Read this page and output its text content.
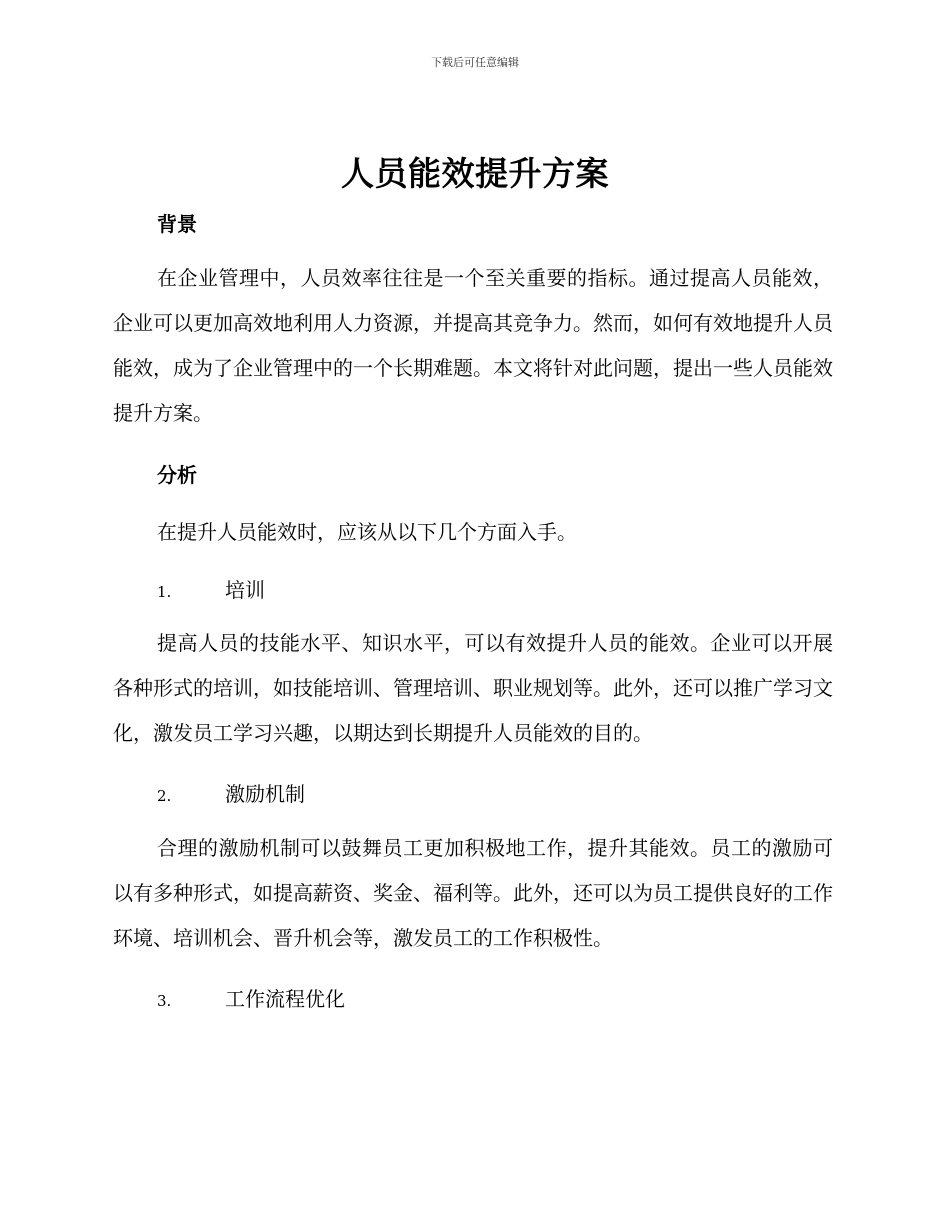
下载后可任意编辑
人员能效提升方案
背景

在企业管理中，人员效率往往是一个至关重要的指标。通过提高人员能效，企业可以更加高效地利用人力资源，并提高其竞争力。然而，如何有效地提升人员能效，成为了企业管理中的一个长期难题。本文将针对此问题，提出一些人员能效提升方案。

分析
在提升人员能效时，应该从以下几个方面入手。
1.	培训

提高人员的技能水平、知识水平，可以有效提升人员的能效。企业可以开展各种形式的培训，如技能培训、管理培训、职业规划等。此外，还可以推广学习文化，激发员工学习兴趣，以期达到长期提升人员能效的目的。

2.	激励机制

合理的激励机制可以鼓舞员工更加积极地工作，提升其能效。员工的激励可以有多种形式，如提高薪资、奖金、福利等。此外，还可以为员工提供良好的工作环境、培训机会、晋升机会等，激发员工的工作积极性。

3.	工作流程优化
